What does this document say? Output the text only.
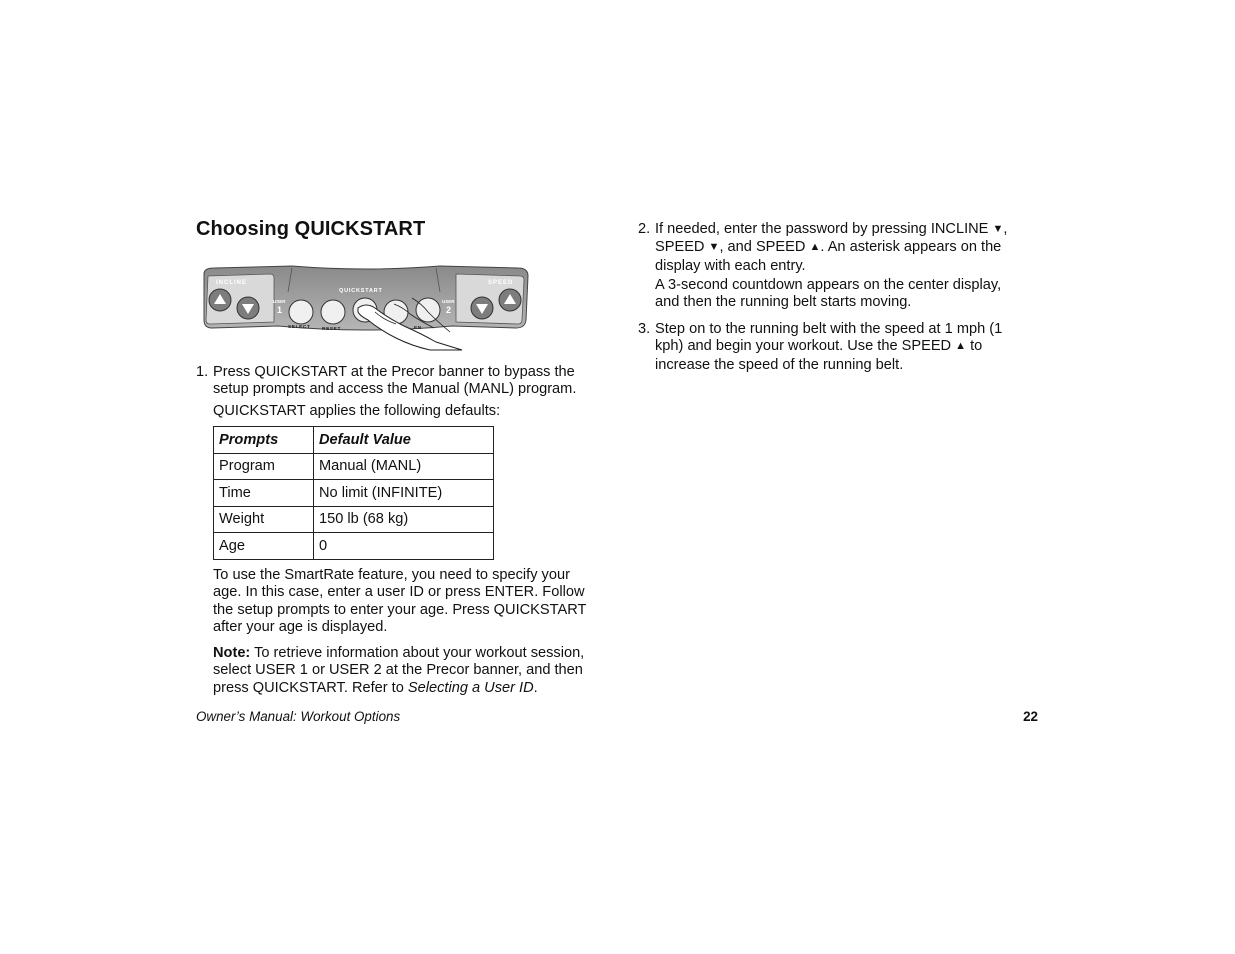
Choosing QUICKSTART
INCLINE	SPEED
QUICKSTART
USER
1
USER
2
SELECT RESET	EN
1. Press QUICKSTART at the Precor banner to bypass the setup prompts and access the Manual (MANL) program.

QUICKSTART applies the following defaults:

Prompts	Default Value
Program	Manual (MANL)
Time	No limit (INFINITE)
Weight	150 lb (68 kg)
Age	0

To use the SmartRate feature, you need to specify your age. In this case, enter a user ID or press ENTER. Follow the setup prompts to enter your age. Press QUICKSTART after your age is displayed.

Note: To retrieve information about your workout session, select USER 1 or USER 2 at the Precor banner, and then press QUICKSTART. Refer to Selecting a User ID.

2. If needed, enter the password by pressing INCLINE ▼, SPEED ▼, and SPEED ▲. An asterisk appears on the display with each entry.

A 3-second countdown appears on the center display, and then the running belt starts moving.

3. Step on to the running belt with the speed at 1 mph (1 kph) and begin your workout. Use the SPEED ▲ to increase the speed of the running belt.
Owner’s Manual: Workout Options	22
